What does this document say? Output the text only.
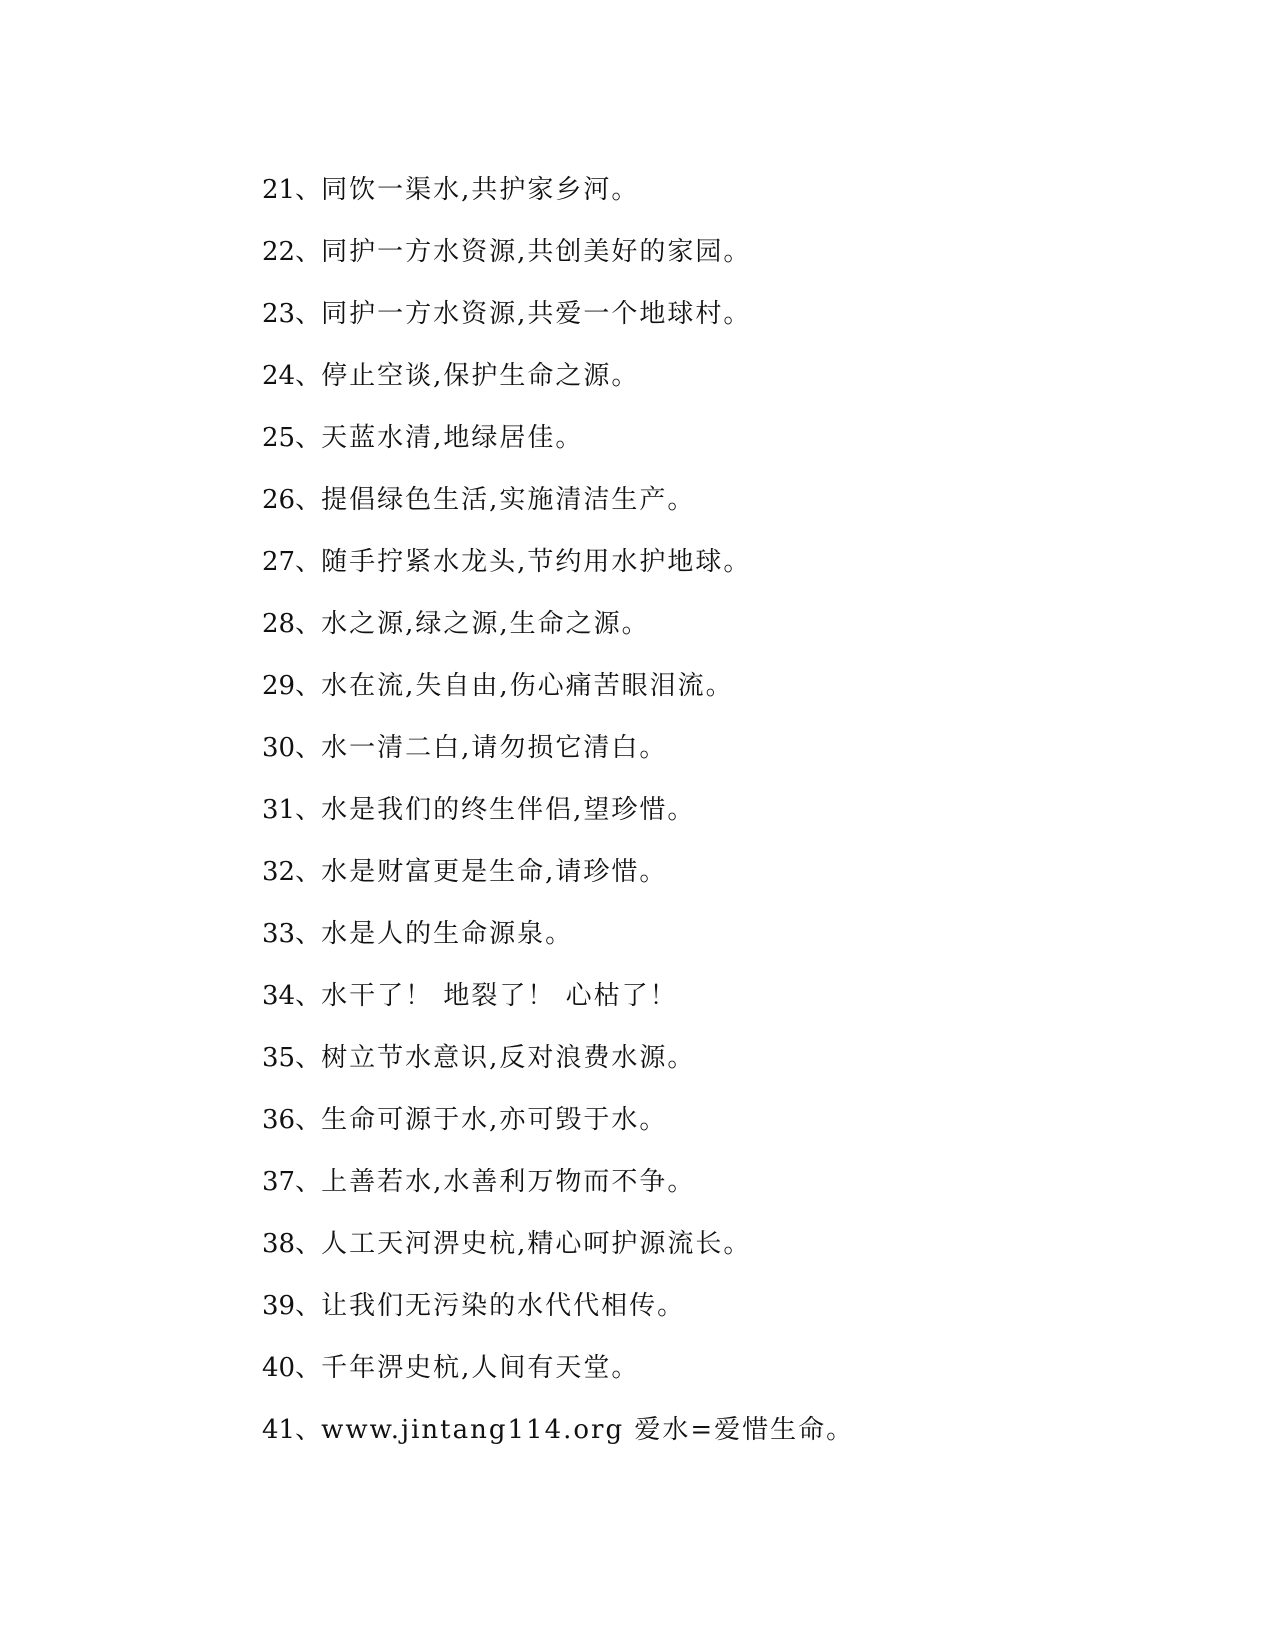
21、同饮一渠水,共护家乡河。
22、同护一方水资源,共创美好的家园。
23、同护一方水资源,共爱一个地球村。
24、停止空谈,保护生命之源。
25、天蓝水清,地绿居佳。
26、提倡绿色生活,实施清洁生产。
27、随手拧紧水龙头,节约用水护地球。
28、水之源,绿之源,生命之源。
29、水在流,失自由,伤心痛苦眼泪流。
30、水一清二白,请勿损它清白。
31、水是我们的终生伴侣,望珍惜。
32、水是财富更是生命,请珍惜。
33、水是人的生命源泉。
34、水干了！ 地裂了！ 心枯了！
35、树立节水意识,反对浪费水源。
36、生命可源于水,亦可毁于水。
37、上善若水,水善利万物而不争。
38、人工天河淠史杭,精心呵护源流长。
39、让我们无污染的水代代相传。
40、千年淠史杭,人间有天堂。
41、www.jintang114.org 爱水=爱惜生命。
